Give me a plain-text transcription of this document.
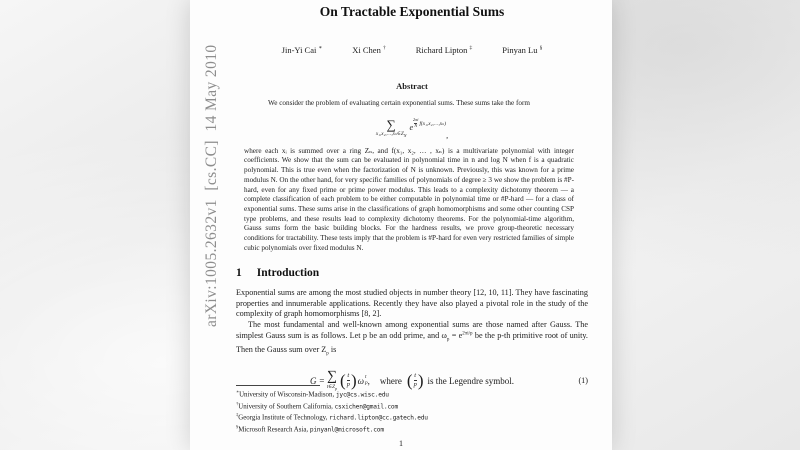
arXiv:1005.2632v1  [cs.CC]  14 May 2010
On Tractable Exponential Sums
Jin-Yi Cai ∗	Xi Chen †	Richard Lipton ‡	Pinyan Lu §
Abstract

We consider the problem of evaluating certain exponential sums. These sums take the form

∑
$x_1,x_2,\dots,x_n\in Z_N$
e $\frac{2\pi i}{N}$ f(x₁,x₂,…,xₙ)
,

where each xᵢ is summed over a ring Zₙ, and f(x₁, x₂, … , xₙ) is a multivariate polynomial with integer coefficients. We show that the sum can be evaluated in polynomial time in n and log N when f is a quadratic polynomial. This is true even when the factorization of N is unknown. Previously, this was known for a prime modulus N. On the other hand, for very specific families of polynomials of degree ≥ 3 we show the problem is #P-hard, even for any fixed prime or prime power modulus. This leads to a complexity dichotomy theorem — a complete classification of each problem to be either computable in polynomial time or #P-hard — for a class of exponential sums. These sums arise in the classifications of graph homomorphisms and some other counting CSP type problems, and these results lead to complexity dichotomy theorems. For the polynomial-time algorithm, Gauss sums form the basic building blocks. For the hardness results, we prove group-theoretic necessary conditions for tractability. These tests imply that the problem is #P-hard for even very restricted families of simple cubic polynomials over fixed modulus N.

1 Introduction

Exponential sums are among the most studied objects in number theory [12, 10, 11]. They have fascinating properties and innumerable applications. Recently they have also played a pivotal role in the study of the complexity of graph homomorphisms [8, 2].

The most fundamental and well-known among exponential sums are those named after Gauss. The simplest Gauss sum is as follows. Let p be an odd prime, and $\omega_p = e^{2\pi i/p}$ be the p-th primitive root of unity. Then the Gauss sum over $Z_p$ is

G = ∑
$t\in Z_p$ ( $\frac{t}{p}$ ) ω t
p , where ( $\frac{t}{p}$ ) is the Legendre symbol.	(1)
∗University of Wisconsin-Madison, jyc@cs.wisc.edu
†University of Southern California, csxichen@gmail.com
‡Georgia Institute of Technology, richard.lipton@cc.gatech.edu
§Microsoft Research Asia, pinyanl@microsoft.com
1
